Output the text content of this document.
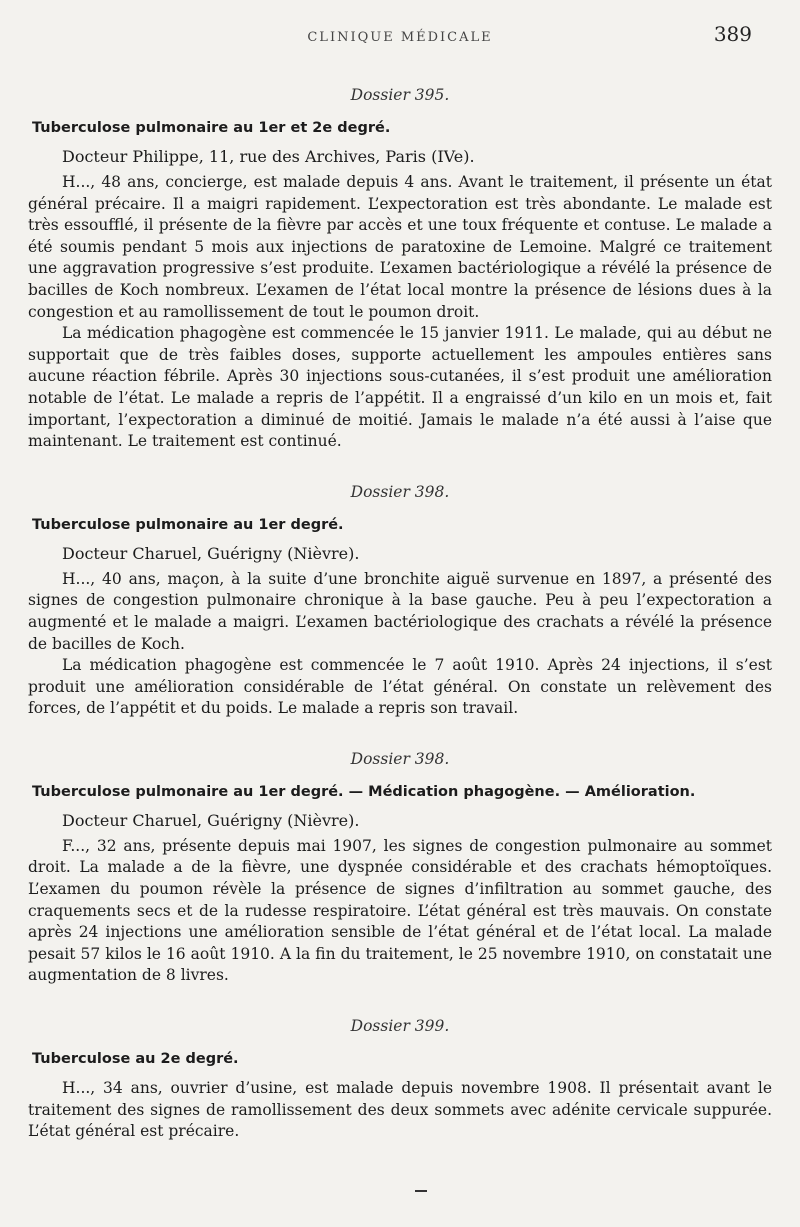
CLINIQUE MÉDICALE	389
Dossier 395.
Tuberculose pulmonaire au 1er et 2e degré.
Docteur Philippe, 11, rue des Archives, Paris (IVe).

H..., 48 ans, concierge, est malade depuis 4 ans. Avant le traitement, il présente un état général précaire. Il a maigri rapidement. L’expectoration est très abondante. Le malade est très essoufflé, il présente de la fièvre par accès et une toux fréquente et contuse. Le malade a été soumis pendant 5 mois aux injections de paratoxine de Lemoine. Malgré ce traitement une aggravation progressive s’est produite. L’examen bactériologique a révélé la présence de bacilles de Koch nombreux. L’examen de l’état local montre la présence de lésions dues à la congestion et au ramollissement de tout le poumon droit.

La médication phagogène est commencée le 15 janvier 1911. Le malade, qui au début ne supportait que de très faibles doses, supporte actuellement les ampoules entières sans aucune réaction fébrile. Après 30 injections sous-cutanées, il s’est produit une amélioration notable de l’état. Le malade a repris de l’appétit. Il a engraissé d’un kilo en un mois et, fait important, l’expectoration a diminué de moitié. Jamais le malade n’a été aussi à l’aise que maintenant. Le traitement est continué.

Dossier 398.
Tuberculose pulmonaire au 1er degré.
Docteur Charuel, Guérigny (Nièvre).

H..., 40 ans, maçon, à la suite d’une bronchite aiguë survenue en 1897, a présenté des signes de congestion pulmonaire chronique à la base gauche. Peu à peu l’expectoration a augmenté et le malade a maigri. L’examen bactériologique des crachats a révélé la présence de bacilles de Koch.

La médication phagogène est commencée le 7 août 1910. Après 24 injections, il s’est produit une amélioration considérable de l’état général. On constate un relèvement des forces, de l’appétit et du poids. Le malade a repris son travail.

Dossier 398.
Tuberculose pulmonaire au 1er degré. — Médication phagogène. — Amélioration.
Docteur Charuel, Guérigny (Nièvre).

F..., 32 ans, présente depuis mai 1907, les signes de congestion pulmonaire au sommet droit. La malade a de la fièvre, une dyspnée considérable et des crachats hémoptoïques. L’examen du poumon révèle la présence de signes d’infiltration au sommet gauche, des craquements secs et de la rudesse respiratoire. L’état général est très mauvais. On constate après 24 injections une amélioration sensible de l’état général et de l’état local. La malade pesait 57 kilos le 16 août 1910. A la fin du traitement, le 25 novembre 1910, on constatait une augmentation de 8 livres.

Dossier 399.
Tuberculose au 2e degré.

H..., 34 ans, ouvrier d’usine, est malade depuis novembre 1908. Il présentait avant le traitement des signes de ramollissement des deux sommets avec adénite cervicale suppurée. L’état général est précaire.
